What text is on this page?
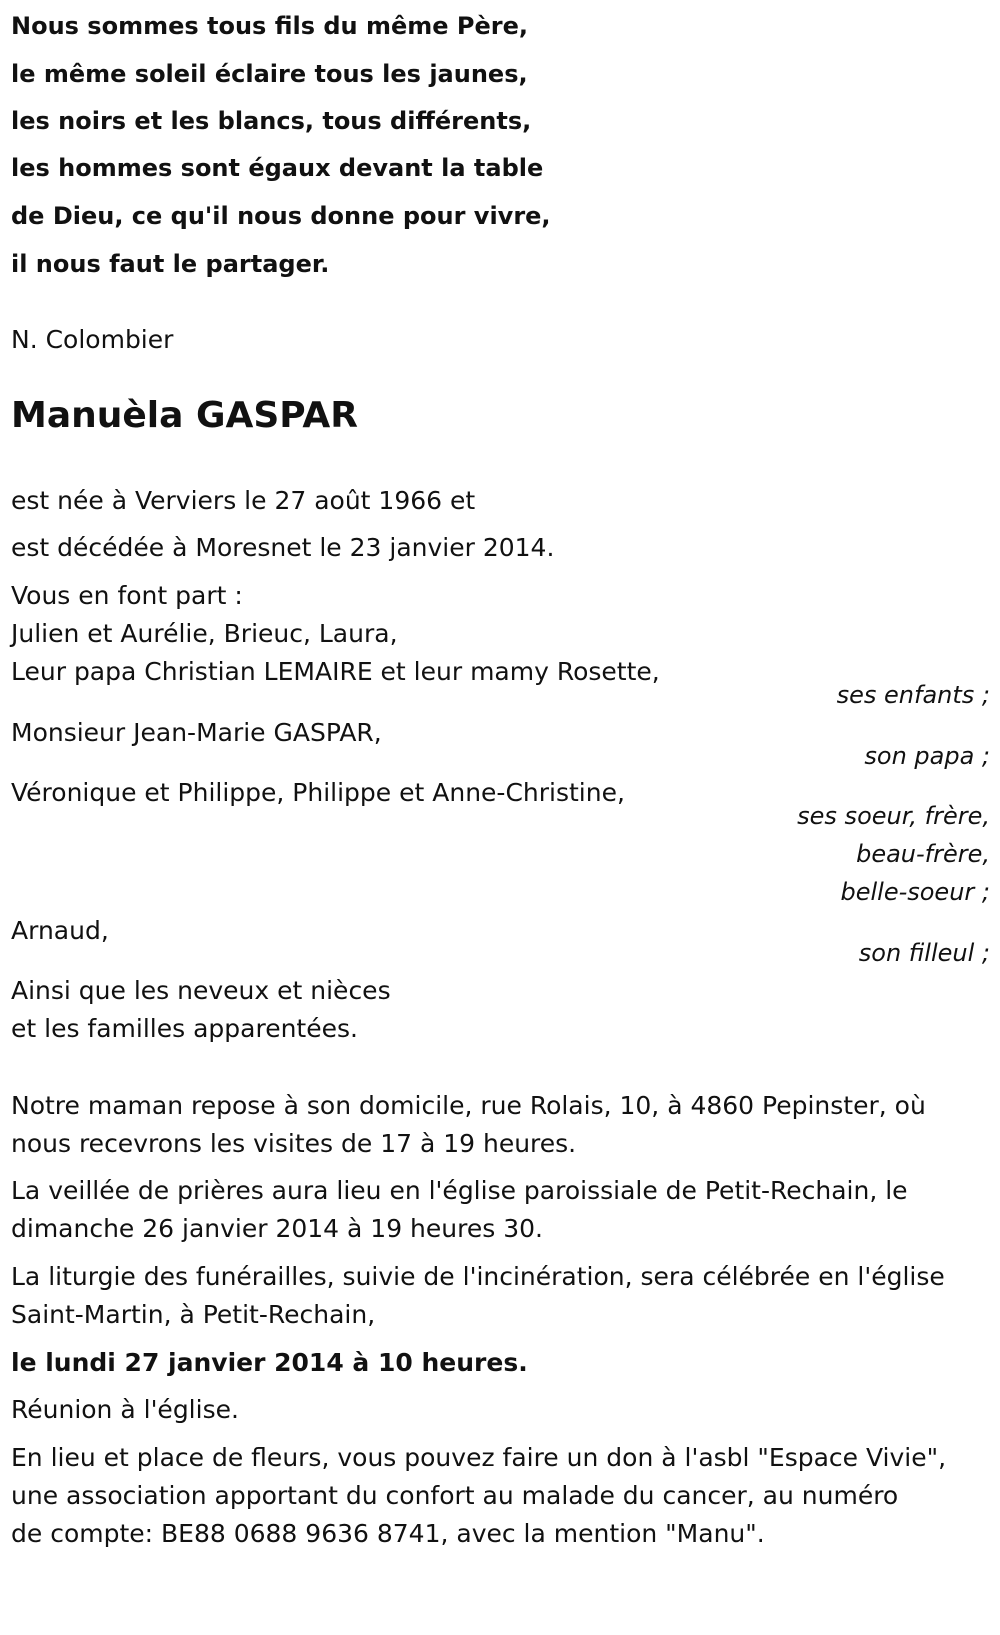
Nous sommes tous fils du même Père,
le même soleil éclaire tous les jaunes,
les noirs et les blancs, tous différents,
les hommes sont égaux devant la table
de Dieu, ce qu'il nous donne pour vivre,
il nous faut le partager.
N. Colombier
Manuèla GASPAR
est née à Verviers le 27 août 1966 et
est décédée à Moresnet le 23 janvier 2014.
Vous en font part :
Julien et Aurélie, Brieuc, Laura,
Leur papa Christian LEMAIRE et leur mamy Rosette,
ses enfants ;
Monsieur Jean-Marie GASPAR,
son papa ;
Véronique et Philippe, Philippe et Anne-Christine,
ses soeur, frère,
beau-frère,
belle-soeur ;
Arnaud,
son filleul ;
Ainsi que les neveux et nièces
et les familles apparentées.
Notre maman repose à son domicile, rue Rolais, 10, à 4860 Pepinster, où
nous recevrons les visites de 17 à 19 heures.
La veillée de prières aura lieu en l'église paroissiale de Petit-Rechain, le
dimanche 26 janvier 2014 à 19 heures 30.
La liturgie des funérailles, suivie de l'incinération, sera célébrée en l'église
Saint-Martin, à Petit-Rechain,
le lundi 27 janvier 2014 à 10 heures.
Réunion à l'église.
En lieu et place de fleurs, vous pouvez faire un don à l'asbl "Espace Vivie",
une association apportant du confort au malade du cancer, au numéro
de compte: BE88 0688 9636 8741, avec la mention "Manu".
